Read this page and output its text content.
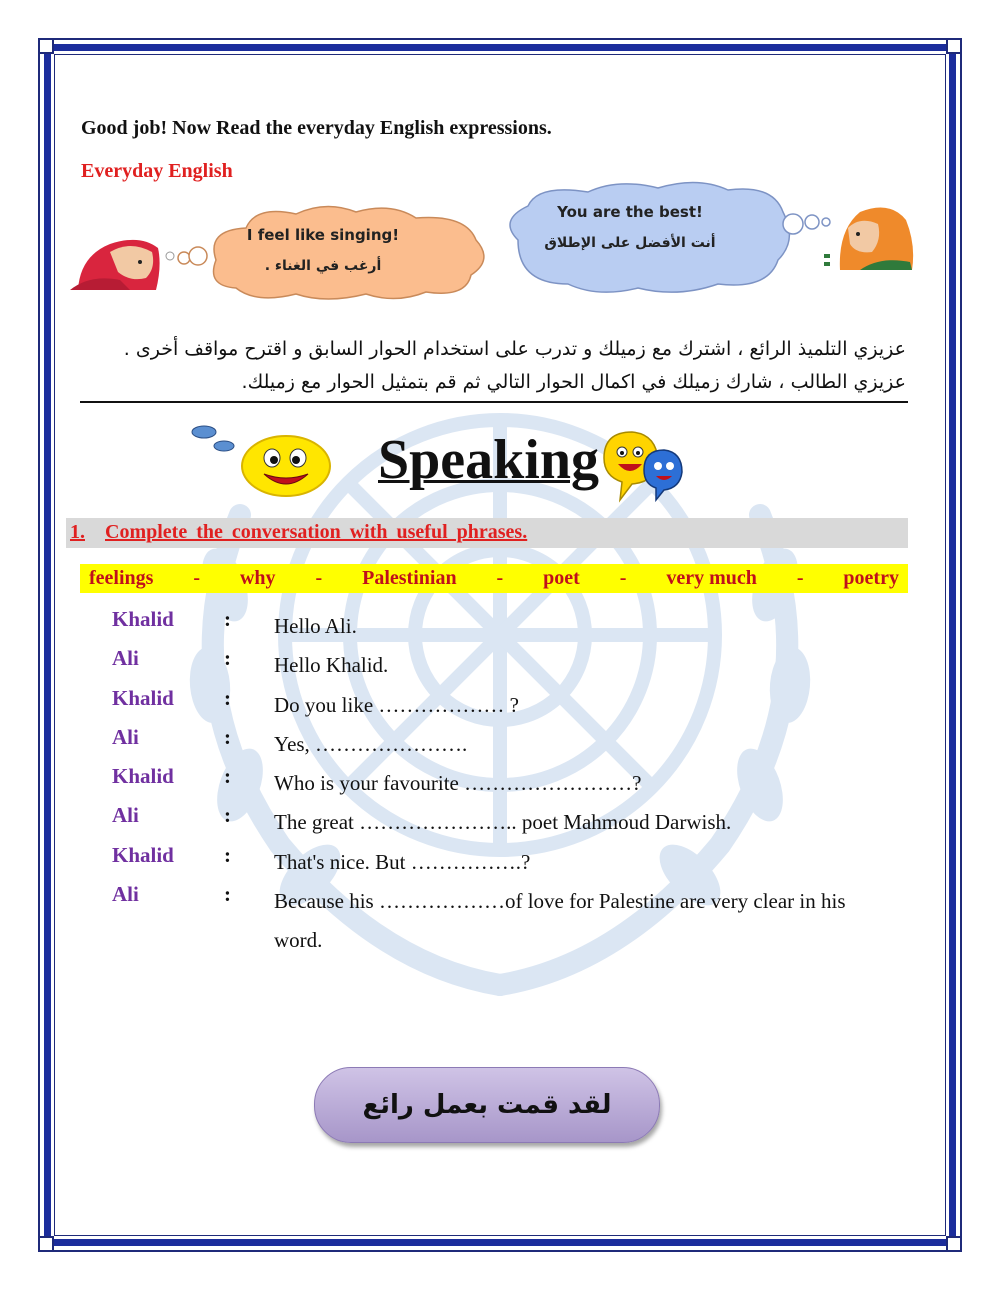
Good job! Now Read the everyday English expressions.
Everyday English
I feel like singing!
أرغب في الغناء .
You are the best!
أنت الأفضل على الإطلاق
عزيزي التلميذ الرائع ، اشترك مع زميلك و تدرب على استخدام الحوار السابق و اقترح مواقف أخرى .
عزيزي الطالب ، شارك زميلك في اكمال الحوار التالي ثم قم بتمثيل الحوار مع زميلك.
Speaking
1. Complete the conversation with useful phrases.
feelings - why - Palestinian - poet - very much - poetry
Khalid : Hello Ali.
Ali	: Hello Khalid.
Khalid : Do you like ……………… ?
Ali	: Yes, ………………….
Khalid : Who is your favourite ……………………?
Ali	: The great ………………….. poet Mahmoud Darwish.
Khalid : That's nice. But …………….?
Ali	: Because his ………………of love for Palestine are very clear in his word.
لقد قمت بعمل رائع
